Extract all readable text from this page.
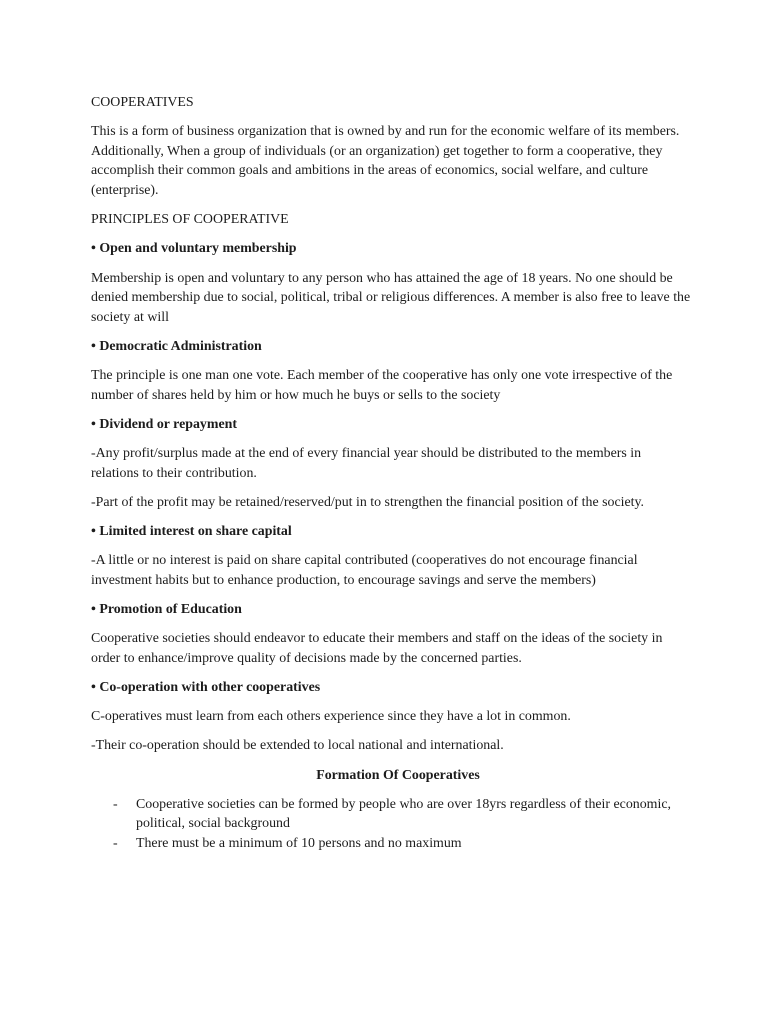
COOPERATIVES

This is a form of business organization that is owned by and run for the economic welfare of its members. Additionally, When a group of individuals (or an organization) get together to form a cooperative, they accomplish their common goals and ambitions in the areas of economics, social welfare, and culture (enterprise).

PRINCIPLES OF COOPERATIVE

• Open and voluntary membership

Membership is open and voluntary to any person who has attained the age of 18 years. No one should be denied membership due to social, political, tribal or religious differences. A member is also free to leave the society at will

• Democratic Administration

The principle is one man one vote. Each member of the cooperative has only one vote irrespective of the number of shares held by him or how much he buys or sells to the society

• Dividend or repayment

-Any profit/surplus made at the end of every financial year should be distributed to the members in relations to their contribution.

-Part of the profit may be retained/reserved/put in to strengthen the financial position of the society.

• Limited interest on share capital

-A little or no interest is paid on share capital contributed (cooperatives do not encourage financial investment habits but to enhance production, to encourage savings and serve the members)

• Promotion of Education

Cooperative societies should endeavor to educate their members and staff on the ideas of the society in order to enhance/improve quality of decisions made by the concerned parties.

• Co-operation with other cooperatives

C-operatives must learn from each others experience since they have a lot in common.

-Their co-operation should be extended to local national and international.

Formation Of Cooperatives

- Cooperative societies can be formed by people who are over 18yrs regardless of their economic, political, social background
- There must be a minimum of 10 persons and no maximum
